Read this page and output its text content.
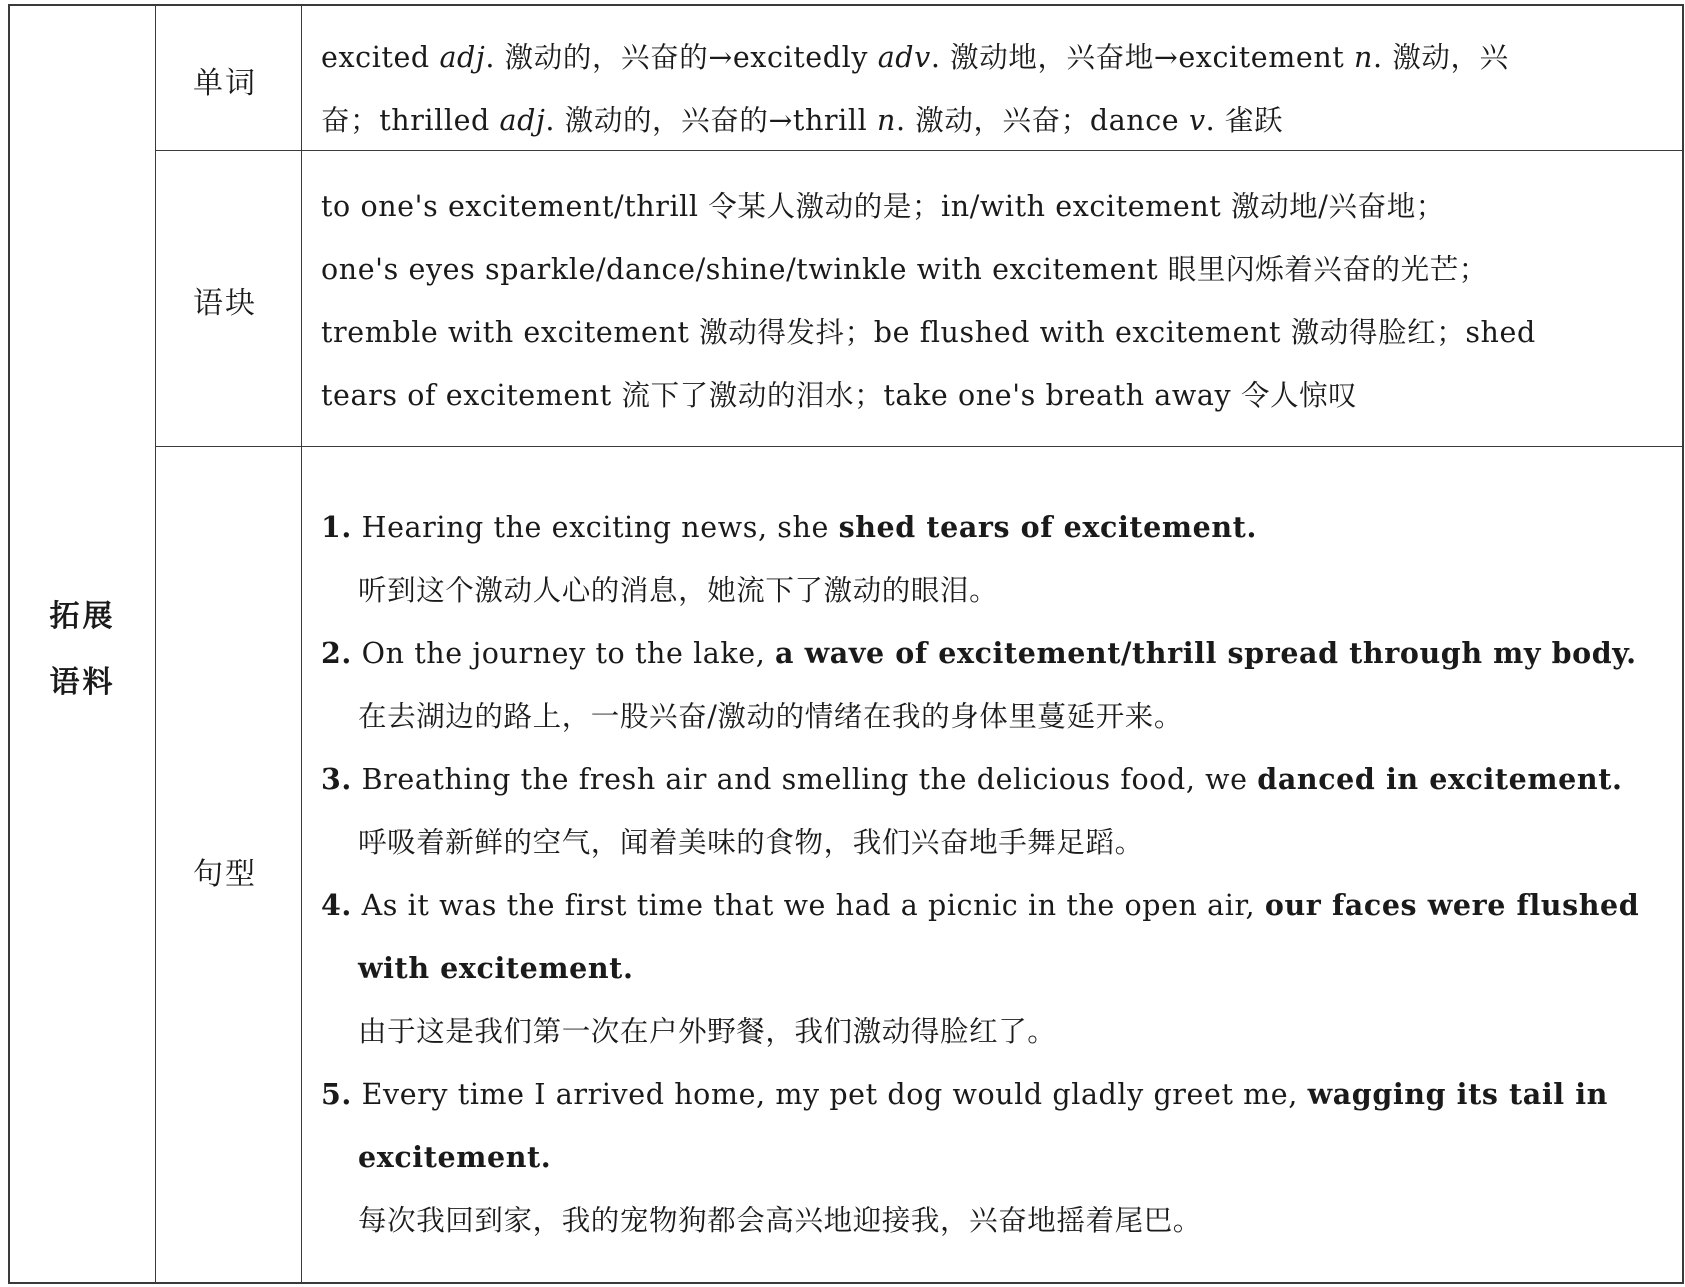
拓展
语料
单词
语块
句型
excited adj. 激动的，兴奋的→excitedly adv. 激动地，兴奋地→excitement n. 激动，兴
奋；thrilled adj. 激动的，兴奋的→thrill n. 激动，兴奋；dance v. 雀跃
to one's excitement/thrill 令某人激动的是；in/with excitement 激动地/兴奋地；
one's eyes sparkle/dance/shine/twinkle with excitement 眼里闪烁着兴奋的光芒；
tremble with excitement 激动得发抖；be flushed with excitement 激动得脸红；shed
tears of excitement 流下了激动的泪水；take one's breath away 令人惊叹
1. Hearing the exciting news, she shed tears of excitement.
听到这个激动人心的消息，她流下了激动的眼泪。
2. On the journey to the lake, a wave of excitement/thrill spread through my body.
在去湖边的路上，一股兴奋/激动的情绪在我的身体里蔓延开来。
3. Breathing the fresh air and smelling the delicious food, we danced in excitement.
呼吸着新鲜的空气，闻着美味的食物，我们兴奋地手舞足蹈。
4. As it was the first time that we had a picnic in the open air, our faces were flushed
with excitement.
由于这是我们第一次在户外野餐，我们激动得脸红了。
5. Every time I arrived home, my pet dog would gladly greet me, wagging its tail in
excitement.
每次我回到家，我的宠物狗都会高兴地迎接我，兴奋地摇着尾巴。
